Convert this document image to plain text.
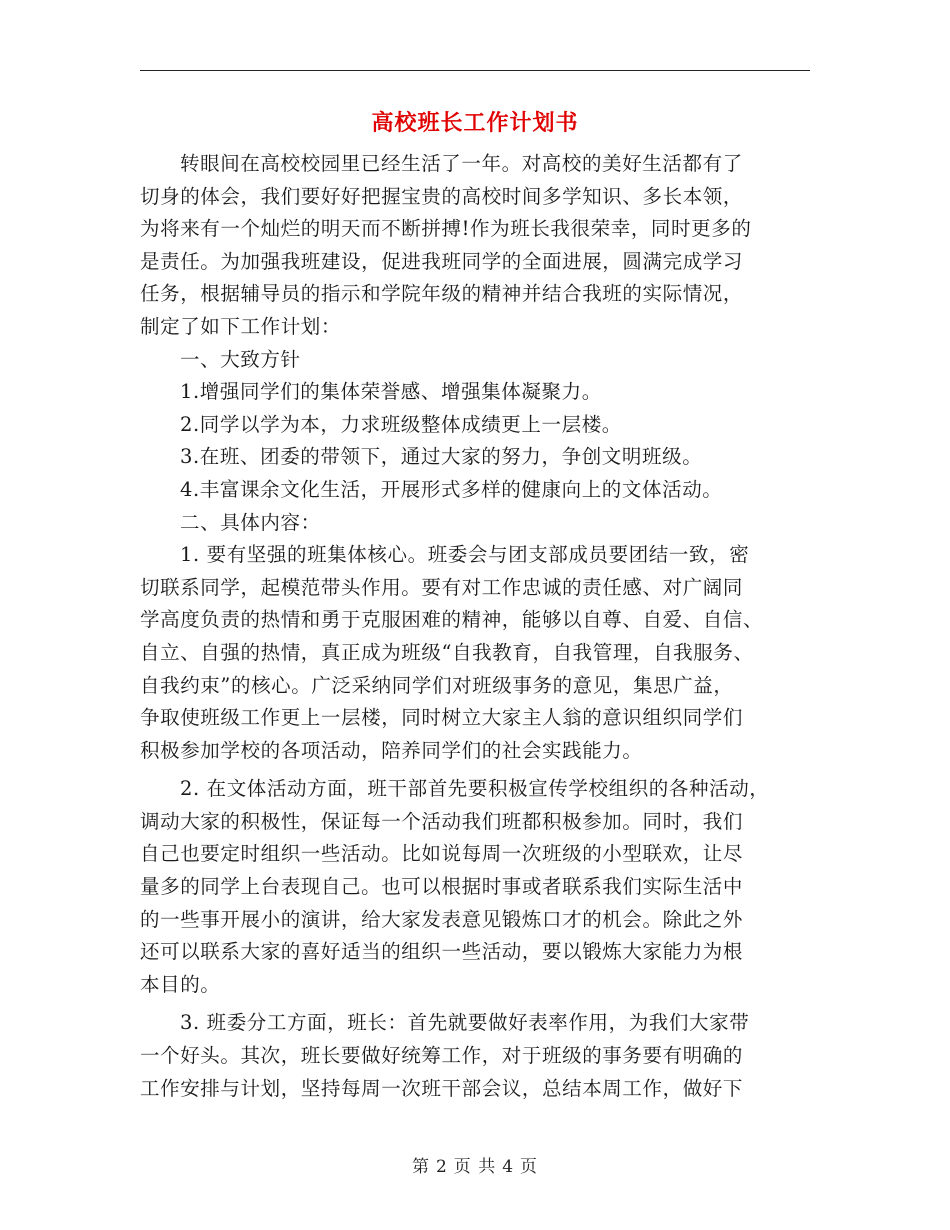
高校班长工作计划书
转眼间在高校校园里已经生活了一年。对高校的美好生活都有了
切身的体会，我们要好好把握宝贵的高校时间多学知识、多长本领，
为将来有一个灿烂的明天而不断拼搏!作为班长我很荣幸，同时更多的
是责任。为加强我班建设，促进我班同学的全面进展，圆满完成学习
任务，根据辅导员的指示和学院年级的精神并结合我班的实际情况，
制定了如下工作计划：
一、大致方针
1.增强同学们的集体荣誉感、增强集体凝聚力。
2.同学以学为本，力求班级整体成绩更上一层楼。
3.在班、团委的带领下，通过大家的努力，争创文明班级。
4.丰富课余文化生活，开展形式多样的健康向上的文体活动。
二、具体内容：
1. 要有坚强的班集体核心。班委会与团支部成员要团结一致，密
切联系同学，起模范带头作用。要有对工作忠诚的责任感、对广阔同
学高度负责的热情和勇于克服困难的精神，能够以自尊、自爱、自信、
自立、自强的热情，真正成为班级“自我教育，自我管理，自我服务、
自我约束”的核心。广泛采纳同学们对班级事务的意见，集思广益，
争取使班级工作更上一层楼，同时树立大家主人翁的意识组织同学们
积极参加学校的各项活动，陪养同学们的社会实践能力。
2. 在文体活动方面，班干部首先要积极宣传学校组织的各种活动，
调动大家的积极性，保证每一个活动我们班都积极参加。同时，我们
自己也要定时组织一些活动。比如说每周一次班级的小型联欢，让尽
量多的同学上台表现自己。也可以根据时事或者联系我们实际生活中
的一些事开展小的演讲，给大家发表意见锻炼口才的机会。除此之外
还可以联系大家的喜好适当的组织一些活动，要以锻炼大家能力为根
本目的。
3. 班委分工方面，班长：首先就要做好表率作用，为我们大家带
一个好头。其次，班长要做好统筹工作，对于班级的事务要有明确的
工作安排与计划，坚持每周一次班干部会议，总结本周工作，做好下
第 2 页 共 4 页
